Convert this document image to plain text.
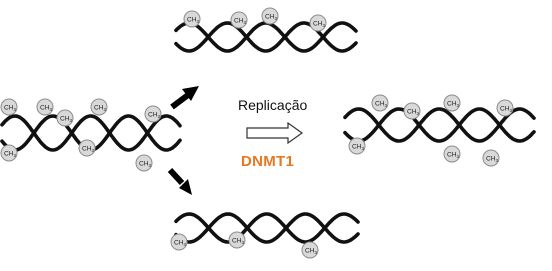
$CH_3$	$CH_3$
$CH_3$
$CH_3$
$CH_3$
$CH_3$
$CH_3$
$CH_3$
$CH_3$	$CH_3$
$CH_3$
$CH_3$
$CH_3$
$CH_3$
$CH_3$
$CH_3$
$CH_3$
$CH_3$	$CH_3$
$CH_3$
$CH_3$	$CH_3$
Replicação
DNMT1
